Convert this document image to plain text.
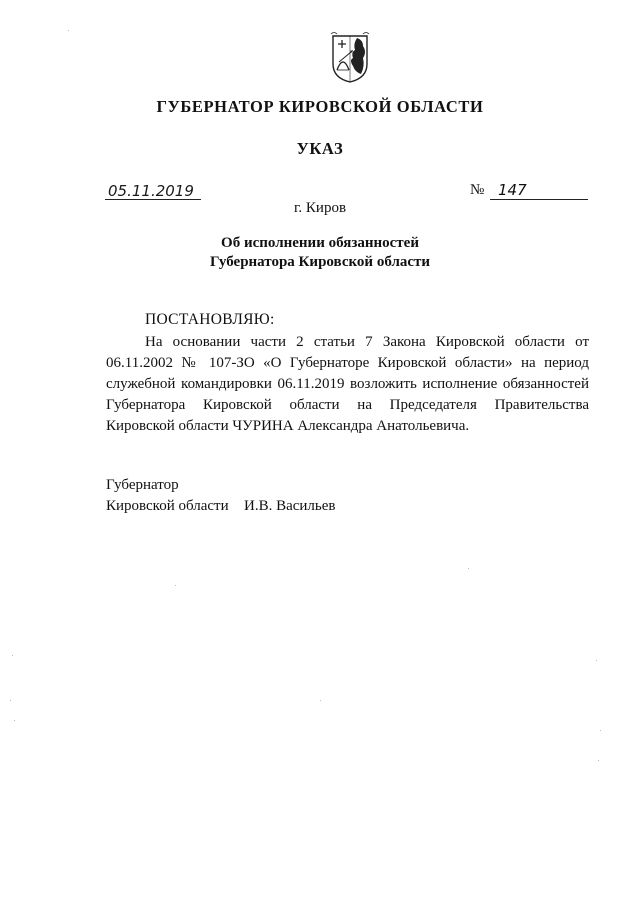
ГУБЕРНАТОР КИРОВСКОЙ ОБЛАСТИ
УКАЗ
05.11.2019	№ 147
г. Киров
Об исполнении обязанностей
Губернатора Кировской области
ПОСТАНОВЛЯЮ:
На основании части 2 статьи 7 Закона Кировской области от 06.11.2002 № 107-ЗО «О Губернаторе Кировской области» на период служебной командировки 06.11.2019 возложить исполнение обязанностей Губернатора Кировской области на Председателя Правительства Кировской области ЧУРИНА Александра Анатольевича.
Губернатор
Кировской области И.В. Васильев
